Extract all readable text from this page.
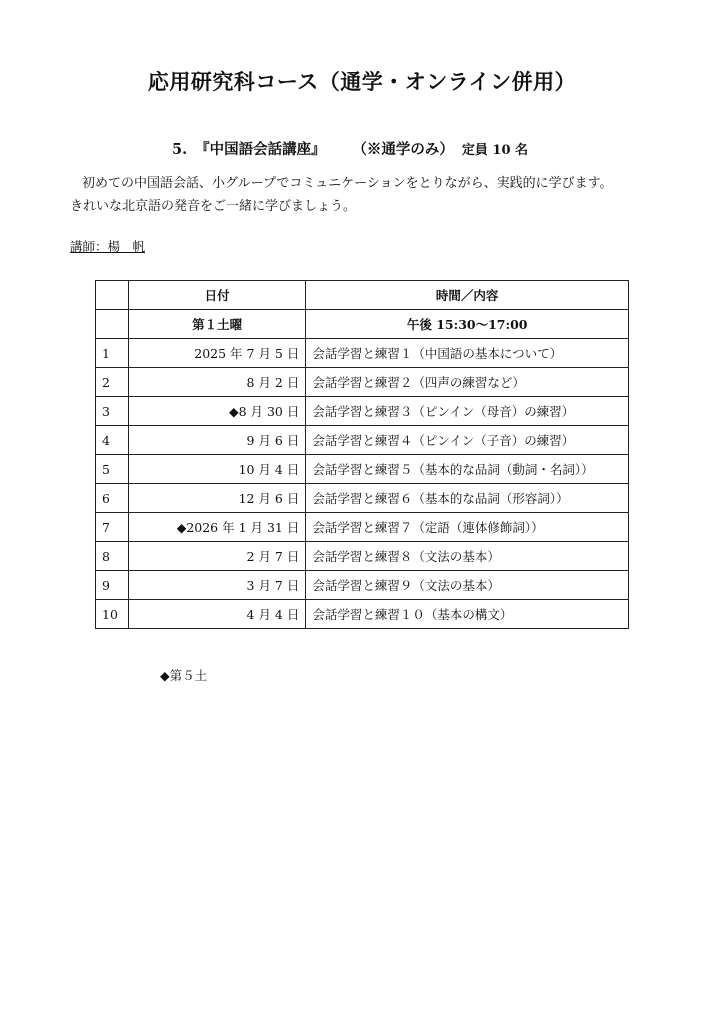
応用研究科コース（通学・オンライン併用）
5. 『中国語会話講座』 （※通学のみ） 定員 10 名
初めての中国語会話、小グループでコミュニケーションをとりながら、実践的に学びます。
きれいな北京語の発音をご一緒に学びましょう。
講師：楊　帆
	日付	時間／内容
	第１土曜	午後 15:30〜17:00
1	2025 年 7 月 5 日	会話学習と練習１（中国語の基本について）
2	8 月 2 日	会話学習と練習２（四声の練習など）
3	◆8 月 30 日	会話学習と練習３（ピンイン（母音）の練習）
4	9 月 6 日	会話学習と練習４（ピンイン（子音）の練習）
5	10 月 4 日	会話学習と練習５（基本的な品詞（動詞・名詞））
6	12 月 6 日	会話学習と練習６（基本的な品詞（形容詞））
7	◆2026 年 1 月 31 日	会話学習と練習７（定語（連体修飾詞））
8	2 月 7 日	会話学習と練習８（文法の基本）
9	3 月 7 日	会話学習と練習９（文法の基本）
10	4 月 4 日	会話学習と練習１０（基本の構文）
◆第５土
